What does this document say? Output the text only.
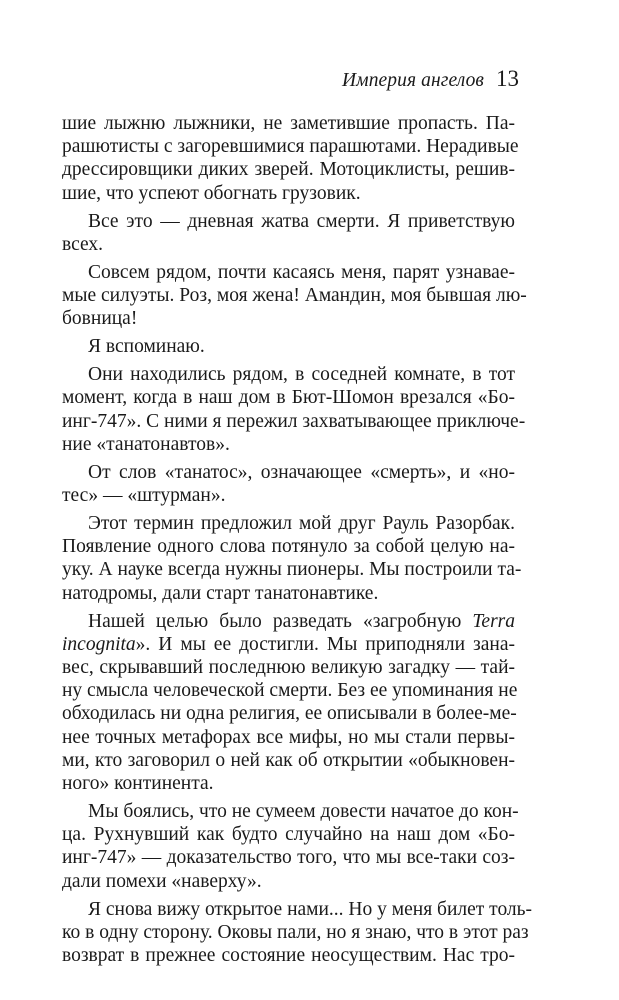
Империя ангелов 13

шие лыжню лыжники, не заметившие пропасть. Па-
рашютисты с загоревшимися парашютами. Нерадивые
дрессировщики диких зверей. Мотоциклисты, решив-
шие, что успеют обогнать грузовик.

Все это — дневная жатва смерти. Я приветствую
всех.

Совсем рядом, почти касаясь меня, парят узнавае-
мые силуэты. Роз, моя жена! Амандин, моя бывшая лю-
бовница!

Я вспоминаю.

Они находились рядом, в соседней комнате, в тот
момент, когда в наш дом в Бют-Шомон врезался «Бо-
инг-747». С ними я пережил захватывающее приключе-
ние «танатонавтов».

От слов «танатос», означающее «смерть», и «но-
тес» — «штурман».

Этот термин предложил мой друг Рауль Разорбак.
Появление одного слова потянуло за собой целую на-
уку. А науке всегда нужны пионеры. Мы построили та-
натодромы, дали старт танатонавтике.

Нашей целью было разведать «загробную Terra
incognita». И мы ее достигли. Мы приподняли зана-
вес, скрывавший последнюю великую загадку — тай-
ну смысла человеческой смерти. Без ее упоминания не
обходилась ни одна религия, ее описывали в более-ме-
нее точных метафорах все мифы, но мы стали первы-
ми, кто заговорил о ней как об открытии «обыкновен-
ного» континента.

Мы боялись, что не сумеем довести начатое до кон-
ца. Рухнувший как будто случайно на наш дом «Бо-
инг-747» — доказательство того, что мы все-таки соз-
дали помехи «наверху».

Я снова вижу открытое нами... Но у меня билет толь-
ко в одну сторону. Оковы пали, но я знаю, что в этот раз
возврат в прежнее состояние неосуществим. Нас тро-
